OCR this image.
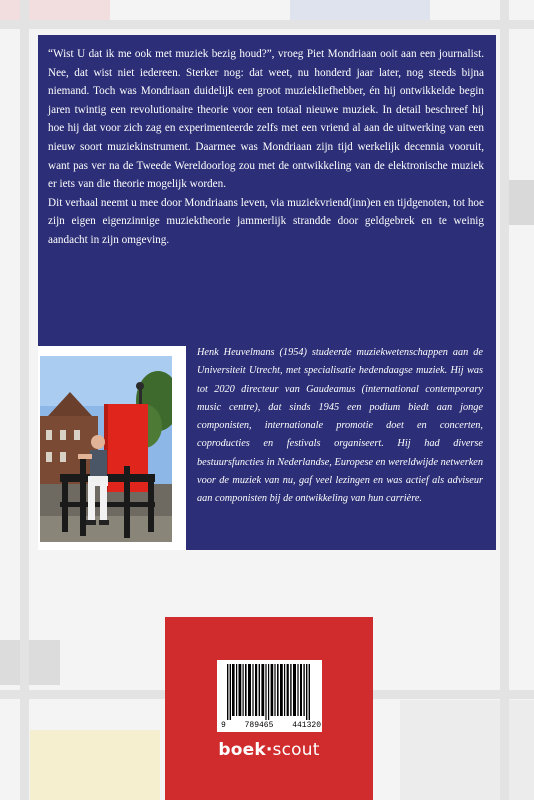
“Wist U dat ik me ook met muziek bezig houd?”, vroeg Piet Mondriaan ooit aan een journalist. Nee, dat wist niet iedereen. Sterker nog: dat weet, nu honderd jaar later, nog steeds bijna niemand. Toch was Mondriaan duidelijk een groot muziekliefhebber, én hij ontwikkelde begin jaren twintig een revolutionaire theorie voor een totaal nieuwe muziek. In detail beschreef hij hoe hij dat voor zich zag en experimenteerde zelfs met een vriend al aan de uitwerking van een nieuw soort muziekinstrument. Daarmee was Mondriaan zijn tijd werkelijk decennia vooruit, want pas ver na de Tweede Wereldoorlog zou met de ontwikkeling van de elektronische muziek er iets van die theorie mogelijk worden.

Dit verhaal neemt u mee door Mondriaans leven, via muziekvriend(inn)en en tijdgenoten, tot hoe zijn eigen eigenzinnige muziektheorie jammerlijk strandde door geldgebrek en te weinig aandacht in zijn omgeving.

Henk Heuvelmans (1954) studeerde muziekwetenschappen aan de Universiteit Utrecht, met specialisatie hedendaagse muziek. Hij was tot 2020 directeur van Gaudeamus (international contemporary music centre), dat sinds 1945 een podium biedt aan jonge componisten, internationale promotie doet en concerten, coproducties en festivals organiseert. Hij had diverse bestuursfuncties in Nederlandse, Europese en wereldwijde netwerken voor de muziek van nu, gaf veel lezingen en was actief als adviseur aan componisten bij de ontwikkeling van hun carrière.

9 789465 441320
boek·scout
